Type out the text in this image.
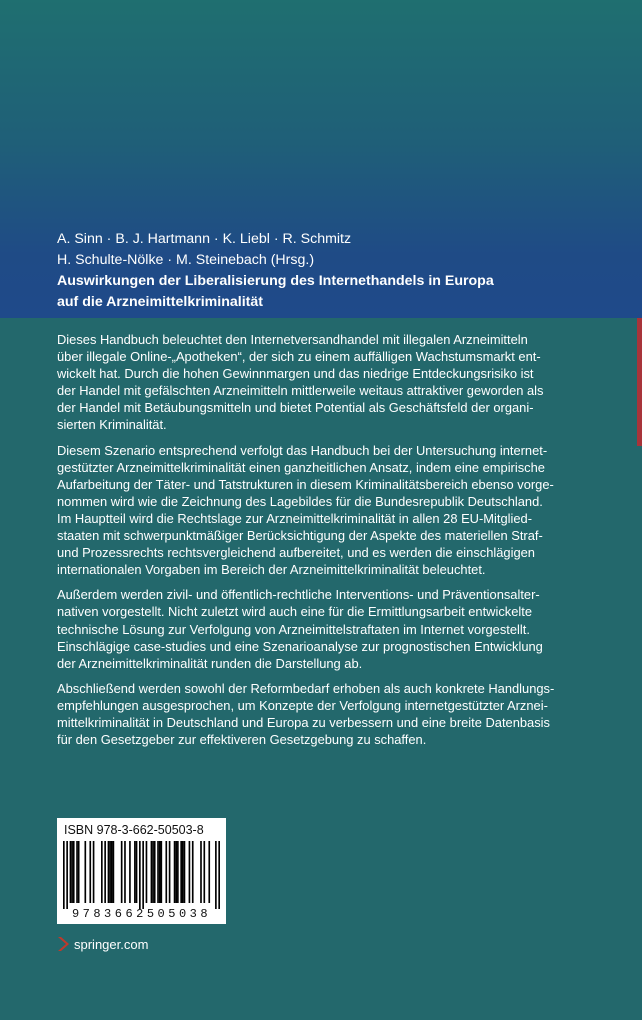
A. Sinn · B. J. Hartmann · K. Liebl · R. Schmitz
H. Schulte-Nölke · M. Steinebach (Hrsg.)
Auswirkungen der Liberalisierung des Internethandels in Europa
auf die Arzneimittelkriminalität

Dieses Handbuch beleuchtet den Internetversandhandel mit illegalen Arzneimitteln
über illegale Online-„Apotheken“, der sich zu einem auffälligen Wachstumsmarkt ent-
wickelt hat. Durch die hohen Gewinnmargen und das niedrige Entdeckungsrisiko ist
der Handel mit gefälschten Arzneimitteln mittlerweile weitaus attraktiver geworden als
der Handel mit Betäubungsmitteln und bietet Potential als Geschäftsfeld der organi-
sierten Kriminalität.

Diesem Szenario entsprechend verfolgt das Handbuch bei der Untersuchung internet-
gestützter Arzneimittelkriminalität einen ganzheitlichen Ansatz, indem eine empirische
Aufarbeitung der Täter- und Tatstrukturen in diesem Kriminalitätsbereich ebenso vorge-
nommen wird wie die Zeichnung des Lagebildes für die Bundesrepublik Deutschland.
Im Hauptteil wird die Rechtslage zur Arzneimittelkriminalität in allen 28 EU-Mitglied-
staaten mit schwerpunktmäßiger Berücksichtigung der Aspekte des materiellen Straf-
und Prozessrechts rechtsvergleichend aufbereitet, und es werden die einschlägigen
internationalen Vorgaben im Bereich der Arzneimittelkriminalität beleuchtet.

Außerdem werden zivil- und öffentlich-rechtliche Interventions- und Präventionsalter-
nativen vorgestellt. Nicht zuletzt wird auch eine für die Ermittlungsarbeit entwickelte
technische Lösung zur Verfolgung von Arzneimittelstraftaten im Internet vorgestellt.
Einschlägige case-studies und eine Szenarioanalyse zur prognostischen Entwicklung
der Arzneimittelkriminalität runden die Darstellung ab.

Abschließend werden sowohl der Reformbedarf erhoben als auch konkrete Handlungs-
empfehlungen ausgesprochen, um Konzepte der Verfolgung internetgestützter Arznei-
mittelkriminalität in Deutschland und Europa zu verbessern und eine breite Datenbasis
für den Gesetzgeber zur effektiveren Gesetzgebung zu schaffen.

ISBN 978-3-662-50503-8
9783662505038
springer.com
